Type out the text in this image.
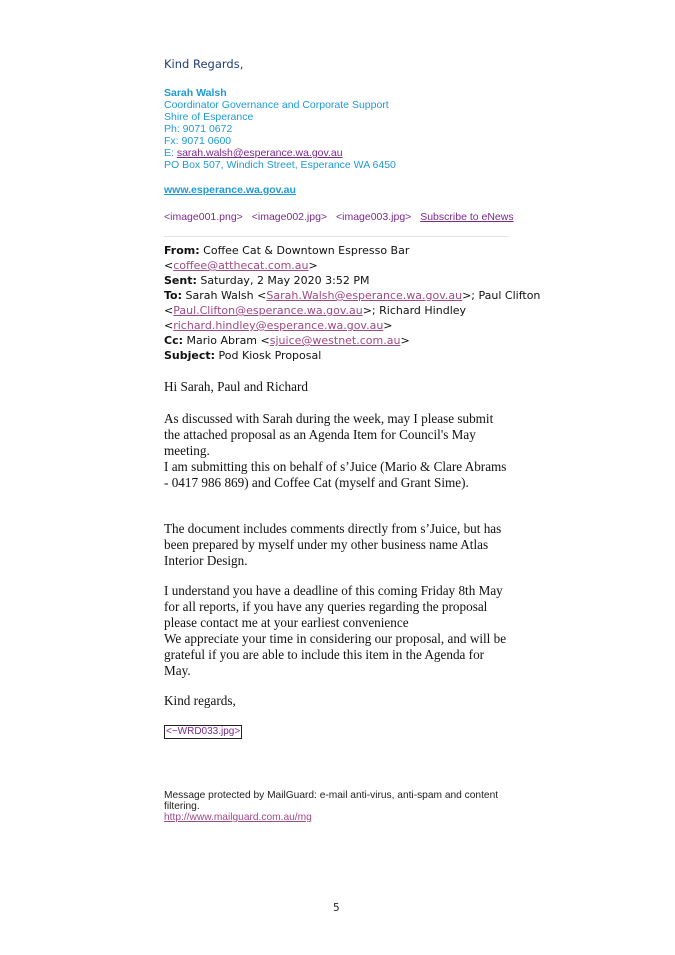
Kind Regards,
Sarah Walsh
Coordinator Governance and Corporate Support
Shire of Esperance
Ph: 9071 0672
Fx: 9071 0600
E: sarah.walsh@esperance.wa.gov.au
PO Box 507, Windich Street, Esperance WA 6450
www.esperance.wa.gov.au
<image001.png> <image002.jpg> <image003.jpg> Subscribe to eNews
From: Coffee Cat & Downtown Espresso Bar
<coffee@atthecat.com.au>
Sent: Saturday, 2 May 2020 3:52 PM
To: Sarah Walsh <Sarah.Walsh@esperance.wa.gov.au>; Paul Clifton
<Paul.Clifton@esperance.wa.gov.au>; Richard Hindley
<richard.hindley@esperance.wa.gov.au>
Cc: Mario Abram <sjuice@westnet.com.au>
Subject: Pod Kiosk Proposal
Hi Sarah, Paul and Richard
As discussed with Sarah during the week, may I please submit the attached proposal as an Agenda Item for Council's May meeting.
I am submitting this on behalf of s’Juice (Mario & Clare Abrams - 0417 986 869) and Coffee Cat (myself and Grant Sime).
The document includes comments directly from s’Juice, but has been prepared by myself under my other business name Atlas Interior Design.
I understand you have a deadline of this coming Friday 8th May for all reports, if you have any queries regarding the proposal please contact me at your earliest convenience
We appreciate your time in considering our proposal, and will be grateful if you are able to include this item in the Agenda for May.
Kind regards,
<~WRD033.jpg>
Message protected by MailGuard: e-mail anti-virus, anti-spam and content
filtering.
http://www.mailguard.com.au/mg
5
